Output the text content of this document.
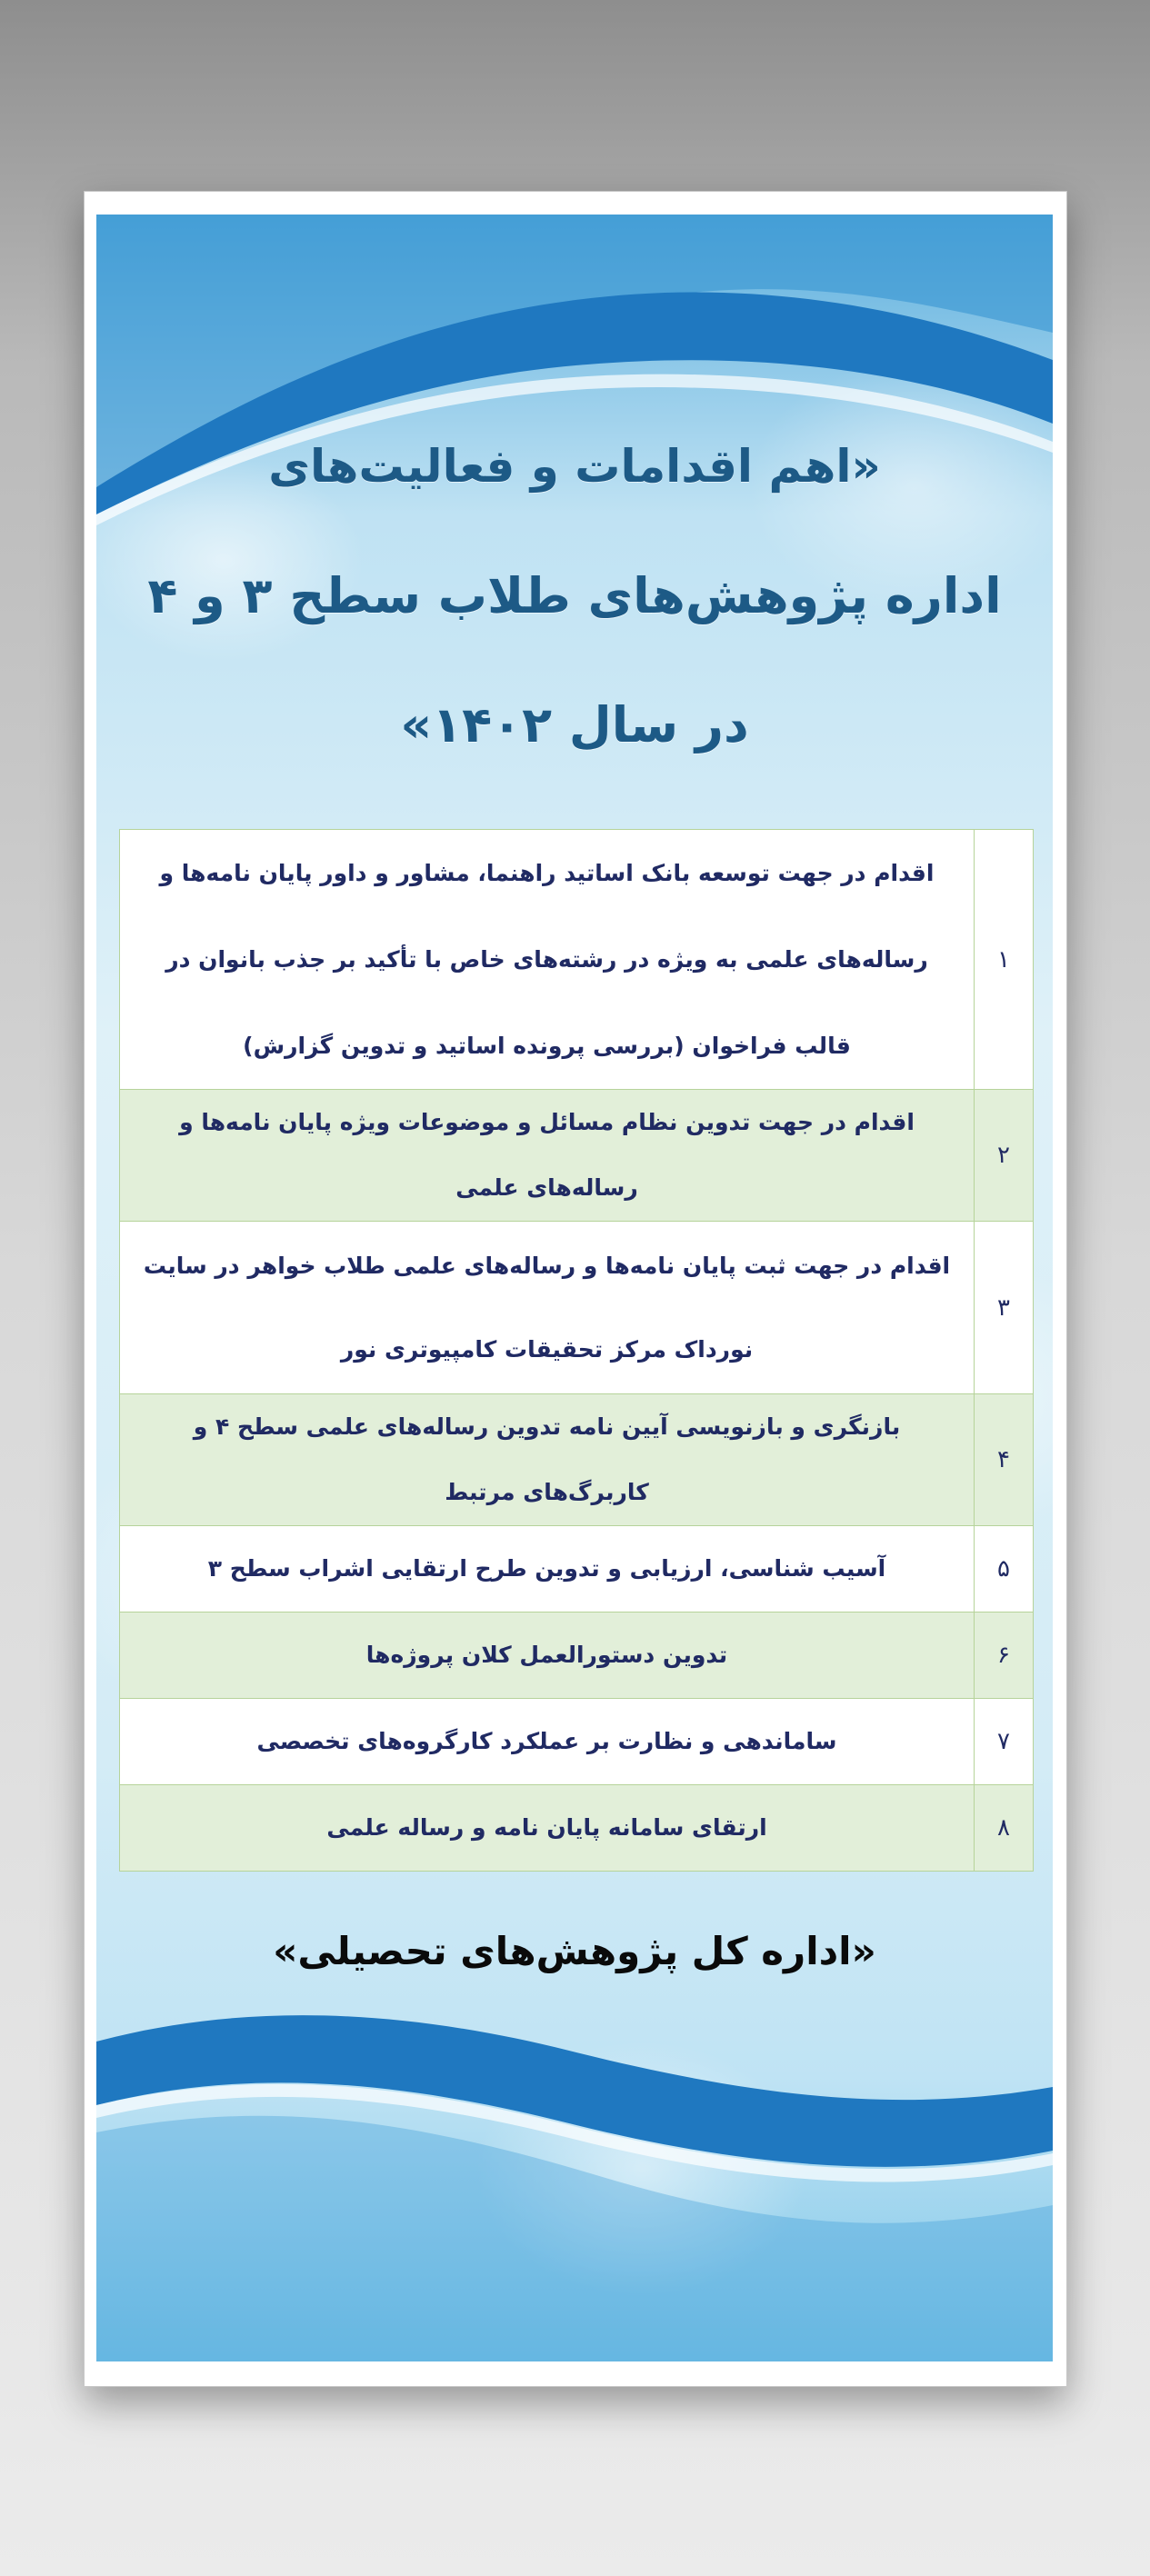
«اهم اقدامات و فعالیت‌های
اداره پژوهش‌های طلاب سطح ۳ و ۴
در سال ۱۴۰۲»
۱	اقدام در جهت توسعه بانک اساتید راهنما، مشاور و داور پایان نامه‌ها و رساله‌های علمی به ویژه در رشته‌های خاص با تأکید بر جذب بانوان در قالب فراخوان (بررسی پرونده اساتید و تدوین گزارش)

۲	اقدام در جهت تدوین نظام مسائل و موضوعات ویژه پایان نامه‌ها و رساله‌های علمی

۳	اقدام در جهت ثبت پایان نامه‌ها و رساله‌های علمی طلاب خواهر در سایت نورداک مرکز تحقیقات کامپیوتری نور

۴	بازنگری و بازنویسی آیین نامه تدوین رساله‌های علمی سطح ۴ و کاربرگ‌های مرتبط

۵	آسیب شناسی، ارزیابی و تدوین طرح ارتقایی اشراب سطح ۳

۶	تدوین دستورالعمل کلان پروژه‌ها

۷	ساماندهی و نظارت بر عملکرد کارگروه‌های تخصصی

۸	ارتقای سامانه پایان نامه و رساله علمی
«اداره کل پژوهش‌های تحصیلی»
